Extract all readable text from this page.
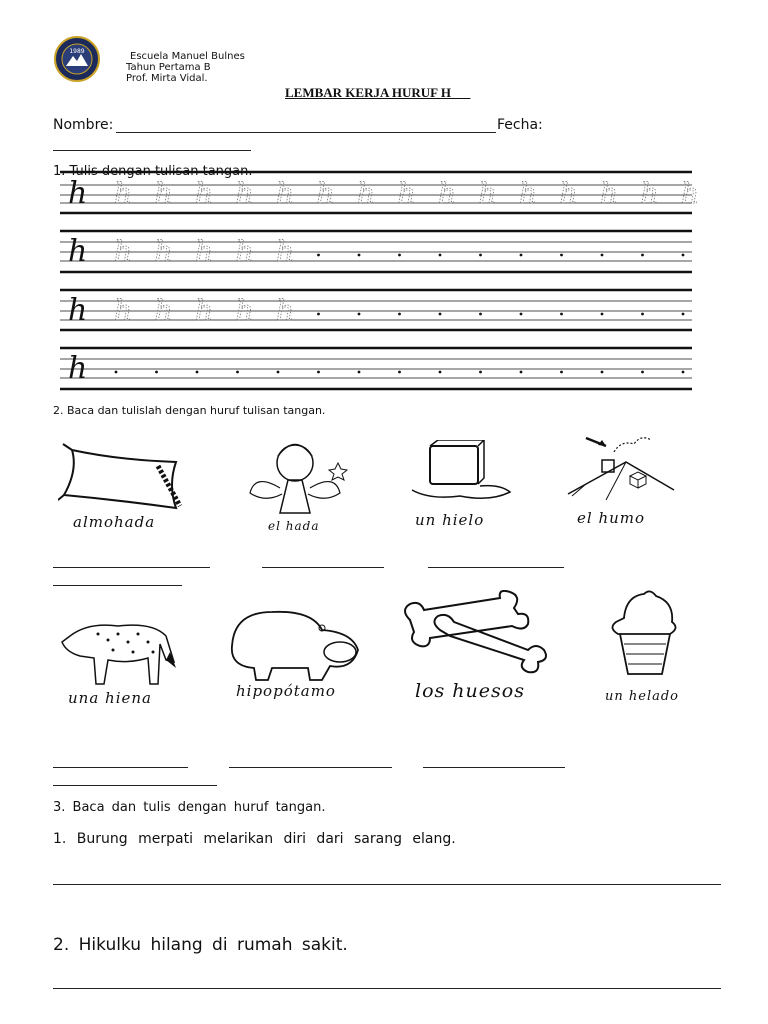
1989	Escuela Manuel Bulnes
Tahun Pertama B
Prof. Mirta Vidal.
LEMBAR KERJA HURUF H
Nombre:	Fecha:
1. Tulis dengan tulisan tangan.
h h h h h h h h h h h h h h h h
h h h h h h
h h h h h h
h
2. Baca dan tulislah dengan huruf tulisan tangan.
almohada	el hada	un hielo	el humo
una hiena	hipopótamo	los huesos	un helado
3. Baca dan tulis dengan huruf tangan.
1. Burung merpati melarikan diri dari sarang elang.
2. Hikulku hilang di rumah sakit.
